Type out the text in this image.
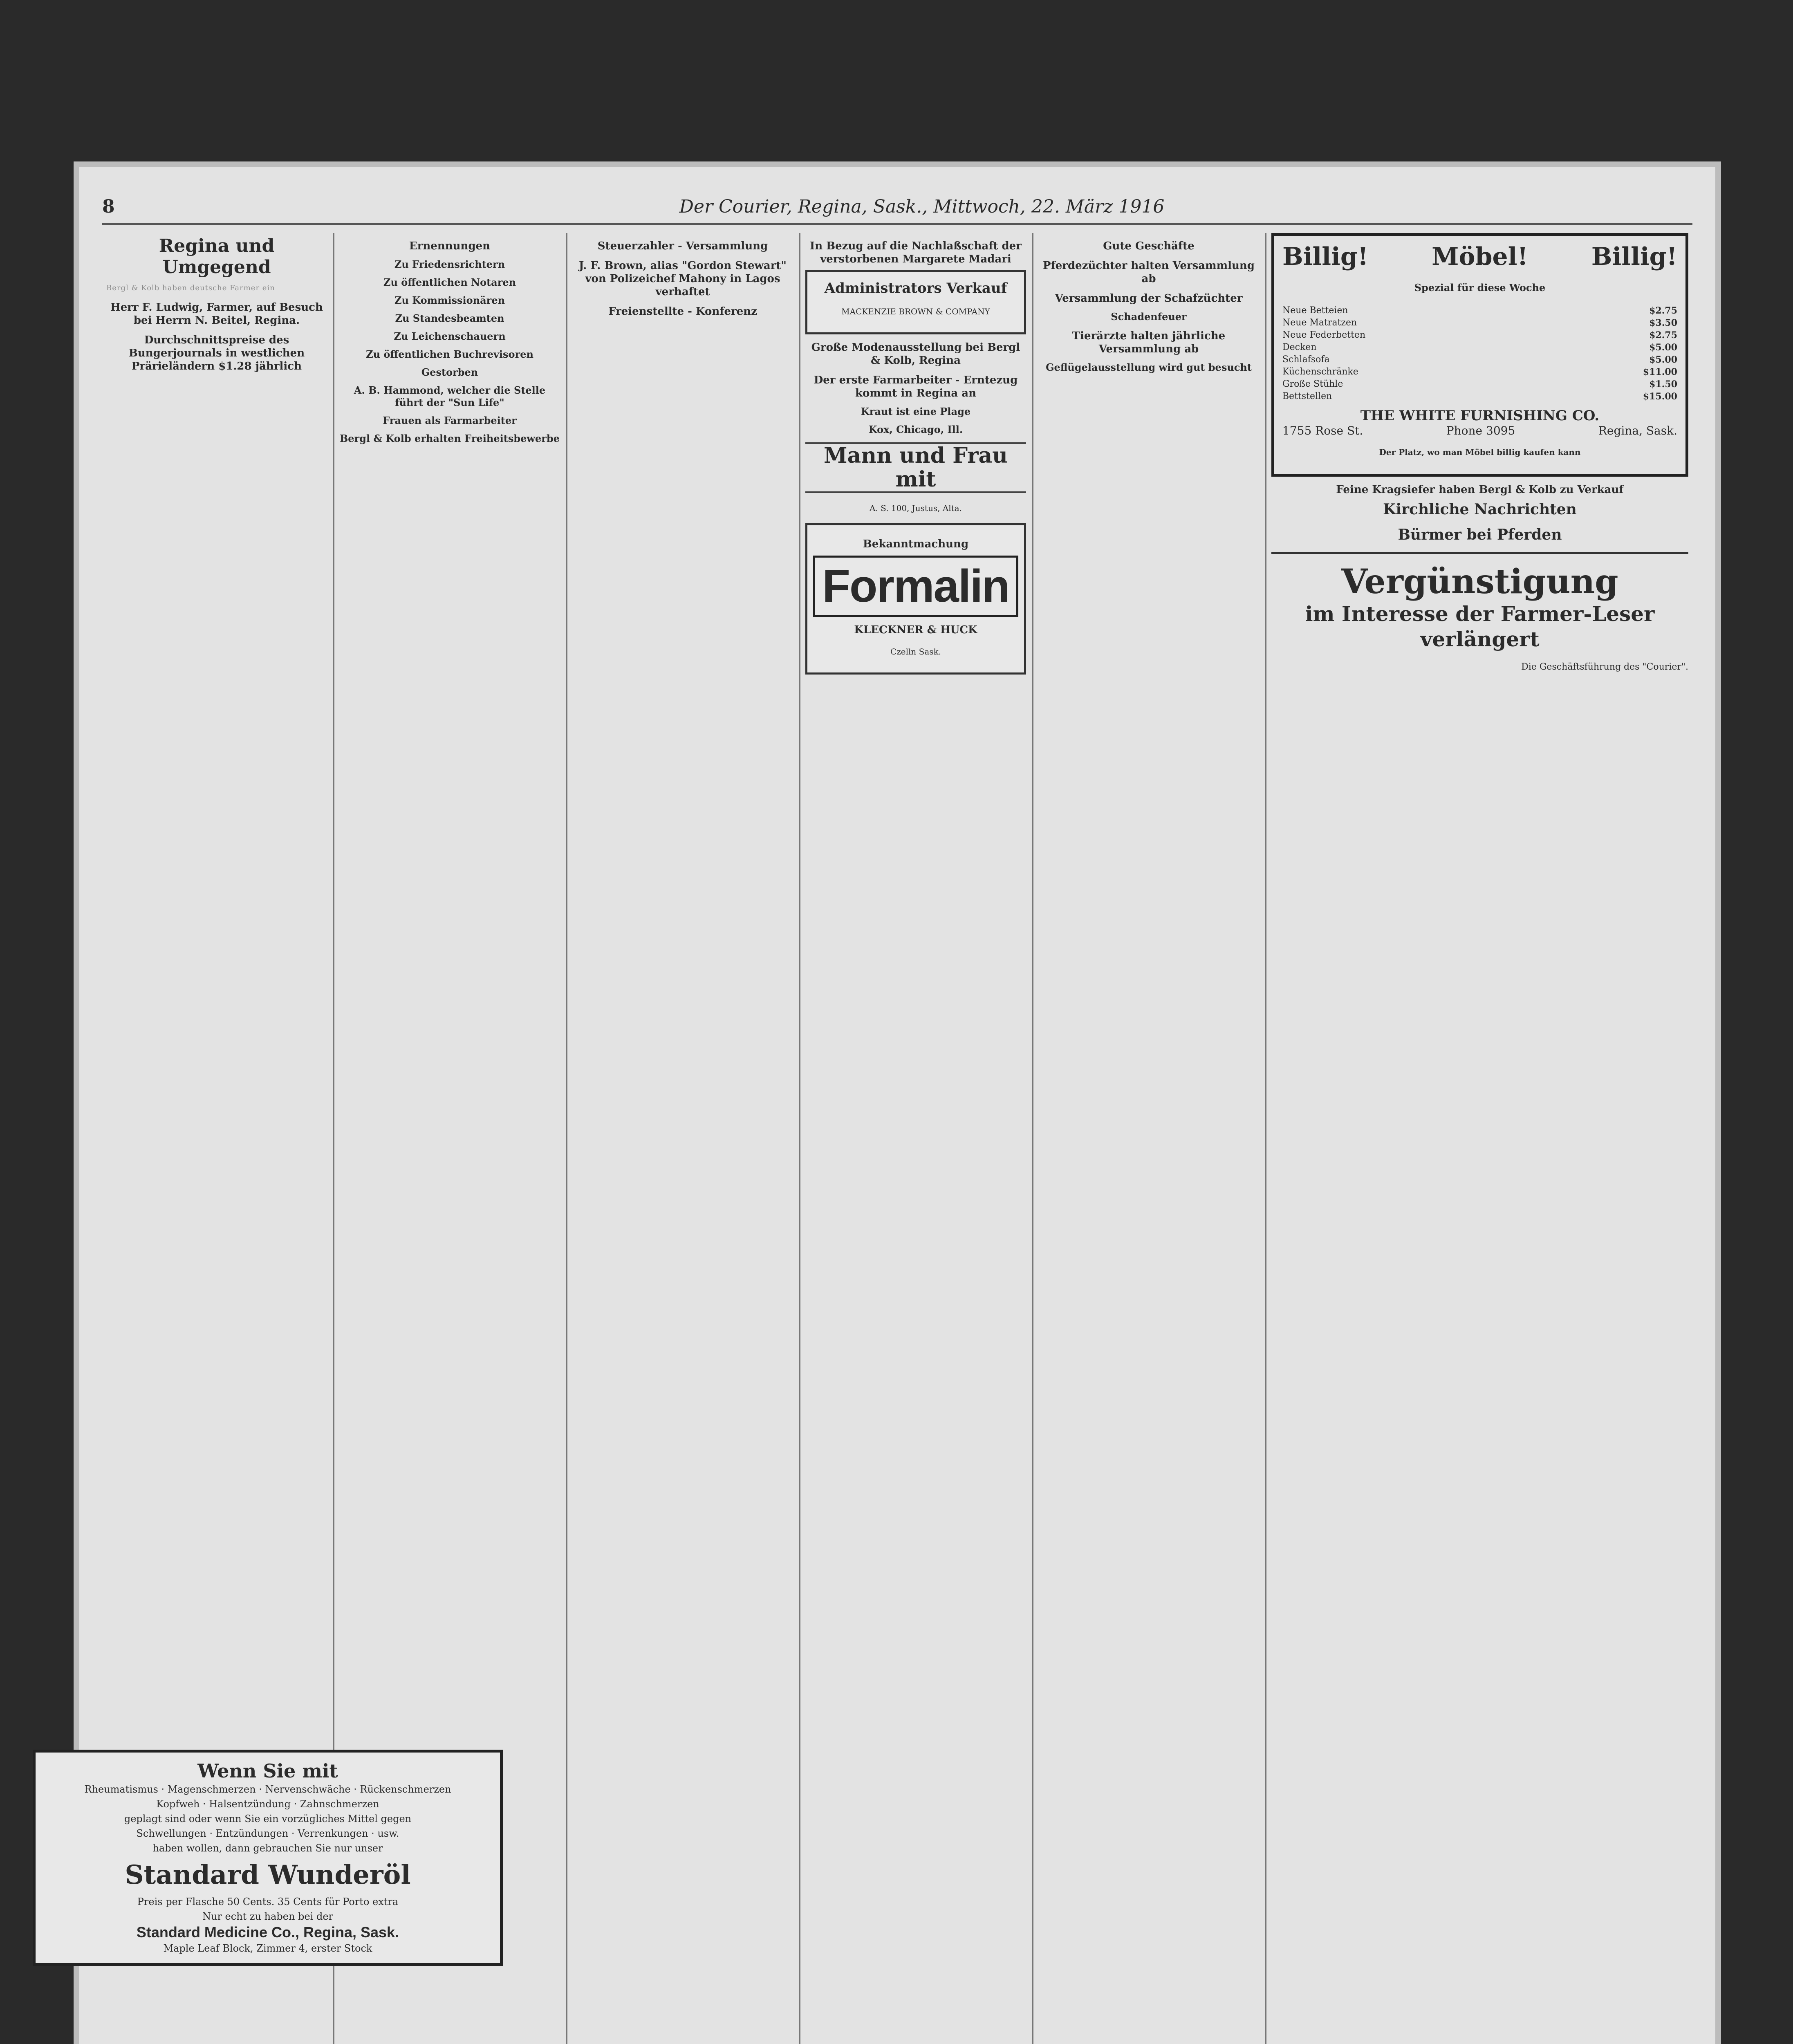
8	Der Courier, Regina, Sask., Mittwoch, 22. März 1916
Regina und Umgegend

Bergl & Kolb haben deutsche Farmer ein

Herr F. Ludwig, Farmer, auf Besuch bei Herrn N. Beitel, Regina.
Durchschnittspreise des Bungerjournals in westlichen Prärieländern $1.28 jährlich
Ernennungen
Zu Friedensrichtern
Zu öffentlichen Notaren
Zu Kommissionären
Zu Standesbeamten
Zu Leichenschauern
Zu öffentlichen Buchrevisoren
Gestorben
A. B. Hammond, welcher die Stelle führt der "Sun Life"
Frauen als Farmarbeiter
Bergl & Kolb erhalten Freiheitsbewerbe
Steuerzahler - Versammlung
J. F. Brown, alias "Gordon Stewart" von Polizeichef Mahony in Lagos verhaftet
Freienstellte - Konferenz
In Bezug auf die Nachlaßschaft der verstorbenen Margarete Madari
Administrators Verkauf

MACKENZIE BROWN & COMPANY

Große Modenausstellung bei Bergl & Kolb, Regina
Der erste Farmarbeiter - Erntezug kommt in Regina an
Kraut ist eine Plage
Kox, Chicago, Ill.
Mann und Frau mit

A. S. 100, Justus, Alta.

Bekanntmachung
Formalin
KLECKNER & HUCK

Czelln Sask.

Gute Geschäfte
Pferdezüchter halten Versammlung ab
Versammlung der Schafzüchter
Schadenfeuer
Tierärzte halten jährliche Versammlung ab
Geflügelausstellung wird gut besucht
Billig!	Möbel!	Billig!

Spezial für diese Woche

Neue Betteien	$2.75
Neue Matratzen	$3.50
Neue Federbetten	$2.75
Decken	$5.00
Schlafsofa	$5.00
Küchenschränke	$11.00
Große Stühle	$1.50
Bettstellen	$15.00
THE WHITE FURNISHING CO.
1755 Rose St.	Phone 3095	Regina, Sask.

Der Platz, wo man Möbel billig kaufen kann

Feine Kragsiefer haben Bergl & Kolb zu Verkauf
Kirchliche Nachrichten
Bürmer bei Pferden
Vergünstigung
im Interesse der Farmer-Leser verlängert
Die Geschäftsführung des "Courier".
Wenn Sie mit
Rheumatismus · Magenschmerzen · Nervenschwäche · Rückenschmerzen
Kopfweh · Halsentzündung · Zahnschmerzen
geplagt sind oder wenn Sie ein vorzügliches Mittel gegen
Schwellungen · Entzündungen · Verrenkungen · usw.
haben wollen, dann gebrauchen Sie nur unser
Standard Wunderöl
Preis per Flasche 50 Cents. 35 Cents für Porto extra
Nur echt zu haben bei der
Standard Medicine Co., Regina, Sask.
Maple Leaf Block, Zimmer 4, erster Stock
